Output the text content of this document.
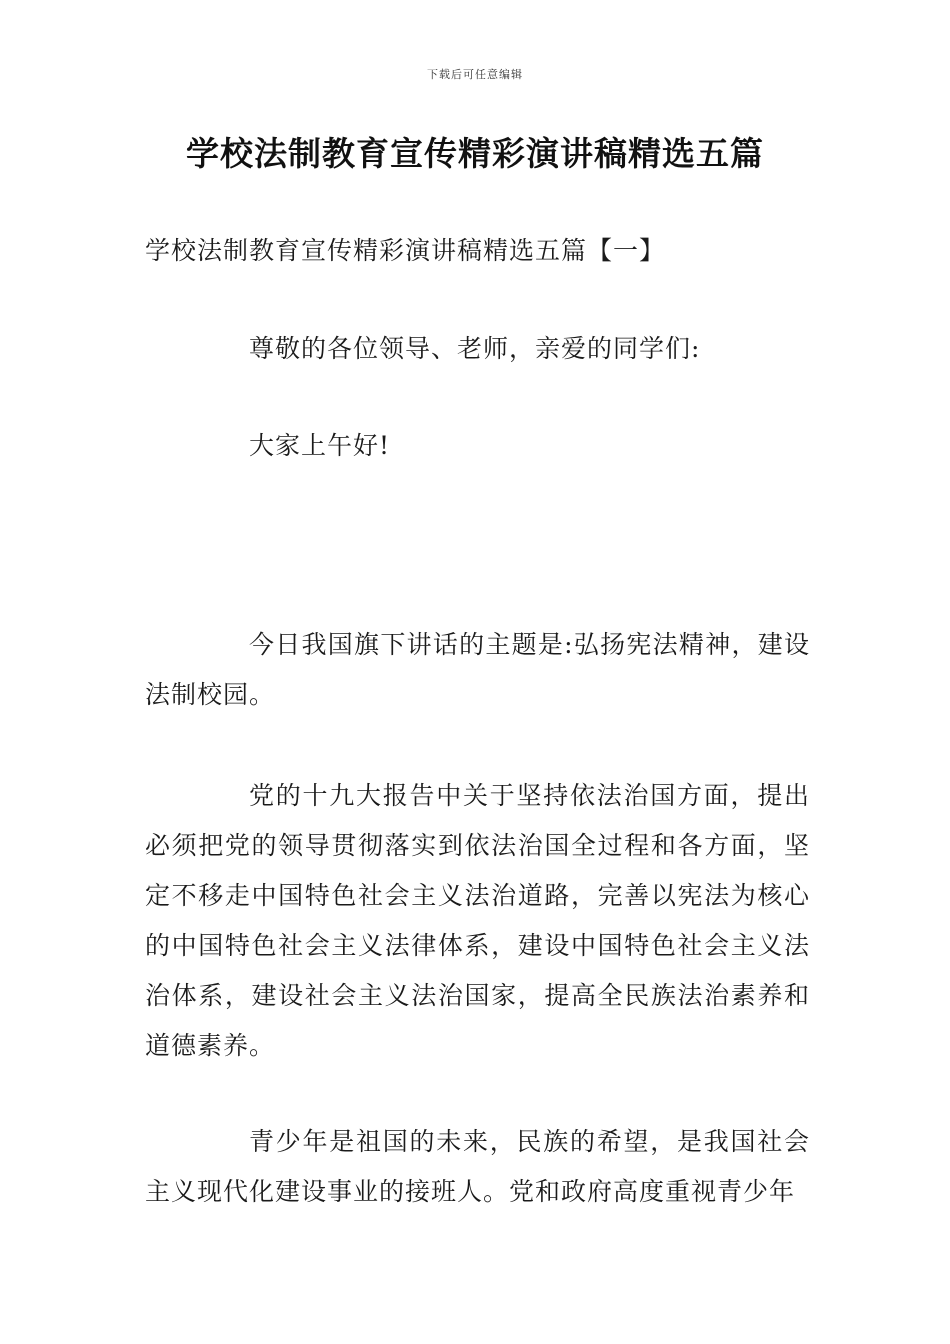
下载后可任意编辑
学校法制教育宣传精彩演讲稿精选五篇

学校法制教育宣传精彩演讲稿精选五篇【一】

尊敬的各位领导、老师，亲爱的同学们:

大家上午好!

今日我国旗下讲话的主题是:弘扬宪法精神，建设法制校园。

党的十九大报告中关于坚持依法治国方面，提出必须把党的领导贯彻落实到依法治国全过程和各方面，坚定不移走中国特色社会主义法治道路，完善以宪法为核心的中国特色社会主义法律体系，建设中国特色社会主义法治体系，建设社会主义法治国家，提高全民族法治素养和道德素养。

青少年是祖国的未来，民族的希望，是我国社会主义现代化建设事业的接班人。党和政府高度重视青少年
